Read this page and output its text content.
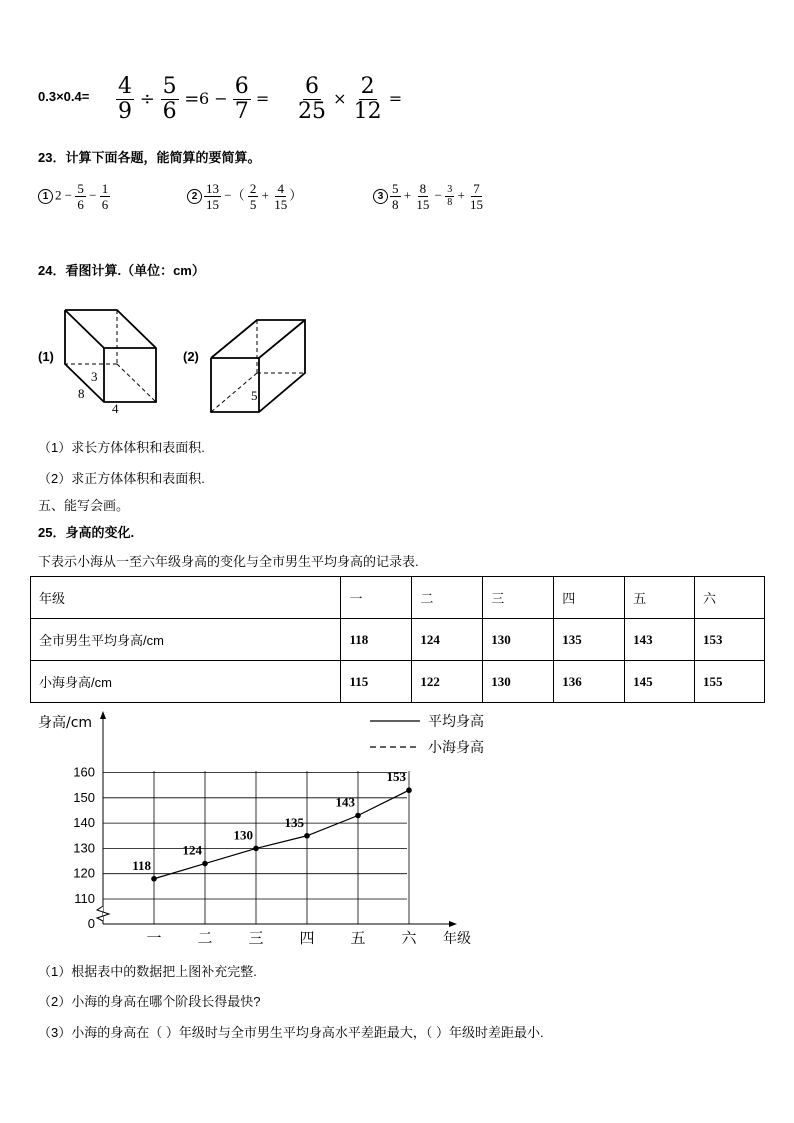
$0.3\times 0.4= \frac{4}{9} \div \frac{5}{6} = 6 - \frac{6}{7} = \frac{6}{25} \times \frac{2}{12}$ =
23．计算下面各题，能简算的要简算。
1 $2 - \frac{5}{6} - \frac{1}{6}$	$2 \frac{13}{15}$ −（ $\frac{2}{5} + \frac{4}{15}$ ）	$3 \frac{5}{8} + \frac{8}{15} - \frac{3}{8} + \frac{7}{15}$
24．看图计算.（单位：cm）
(1)	(2)
3
8
4
5
（1）求长方体体积和表面积.
（2）求正方体体积和表面积.
五、能写会画。
25．身高的变化.
下表示小海从一至六年级身高的变化与全市男生平均身高的记录表.
年级	一	二	三	四	五	六
全市男生平均身高/cm	118	124	130	135	143	153
小海身高/cm	115	122	130	136	145	155
0
110
120
130
140
150
160
一 二 三 四 五 六 年级
身高/cm	平均身高
小海身高
118
124
130
135
143
153
（1）根据表中的数据把上图补充完整.
（2）小海的身高在哪个阶段长得最快?
（3）小海的身高在（ ）年级时与全市男生平均身高水平差距最大，（ ）年级时差距最小.
